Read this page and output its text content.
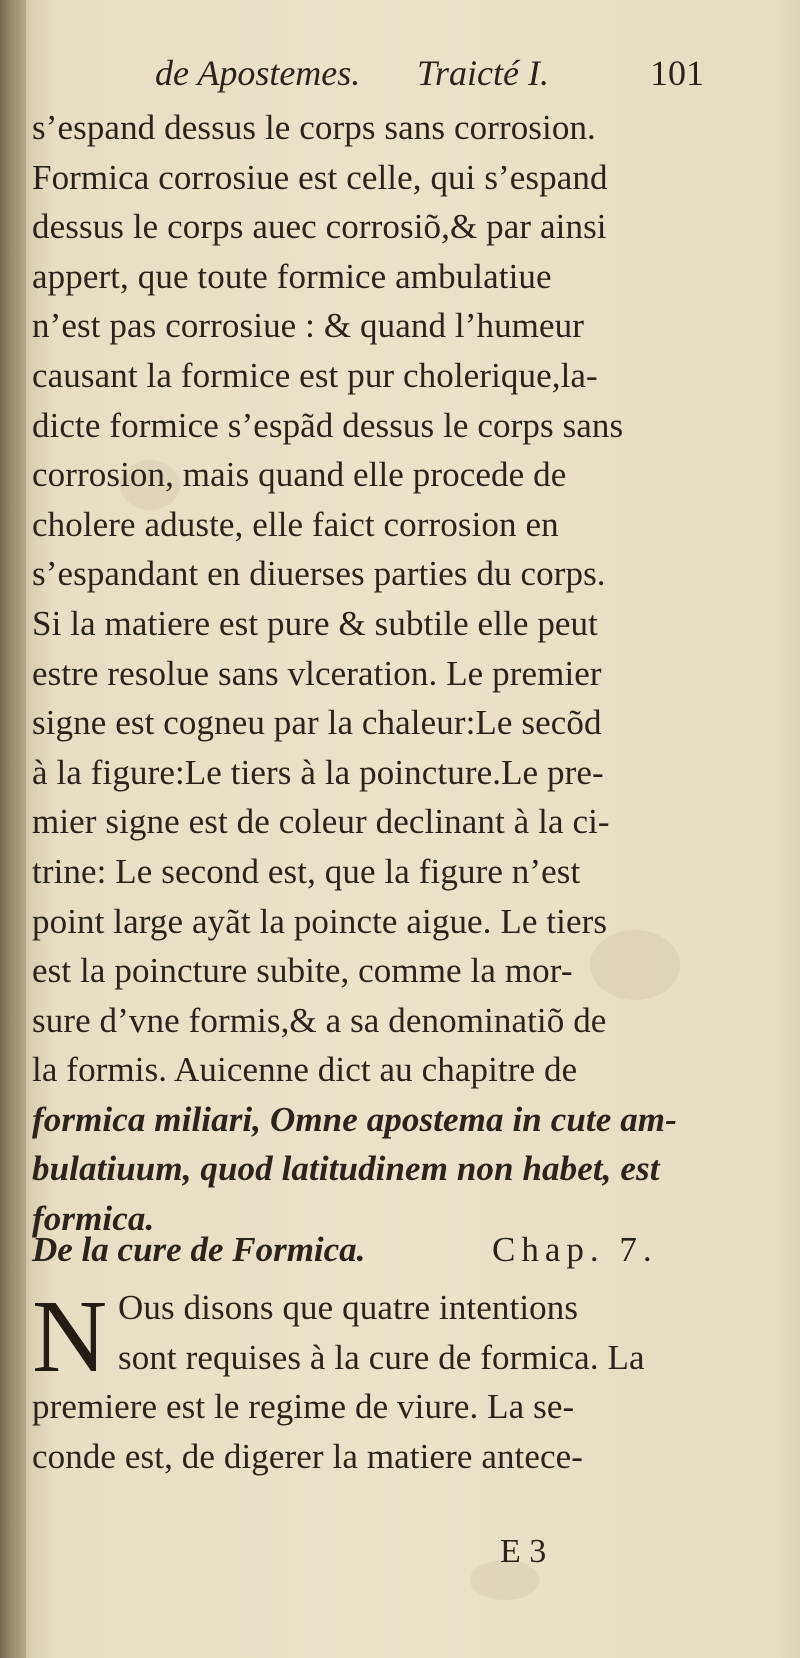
de Apostemes. Traicté I.	101
s’espand dessus le corps sans corrosion.
Formica corrosiue est celle, qui s’espand
dessus le corps auec corrosiõ,& par ainsi
appert, que toute formice ambulatiue
n’est pas corrosiue : & quand l’humeur
causant la formice est pur cholerique,la-
dicte formice s’espãd dessus le corps sans
corrosion, mais quand elle procede de
cholere aduste, elle faict corrosion en
s’espandant en diuerses parties du corps.
Si la matiere est pure & subtile elle peut
estre resolue sans vlceration. Le premier
signe est cogneu par la chaleur:Le secõd
à la figure:Le tiers à la poincture.Le pre-
mier signe est de coleur declinant à la ci-
trine: Le second est, que la figure n’est
point large ayãt la poincte aigue. Le tiers
est la poincture subite, comme la mor-
sure d’vne formis,& a sa denominatiõ de
la formis. Auicenne dict au chapitre de
formica miliari, Omne apostema in cute am-
bulatiuum, quod latitudinem non habet, est
formica.
De la cure de Formica.	Chap. 7.
N Ous disons que quatre intentions
sont requises à la cure de formica. La
premiere est le regime de viure. La se-
conde est, de digerer la matiere antece-
E 3
